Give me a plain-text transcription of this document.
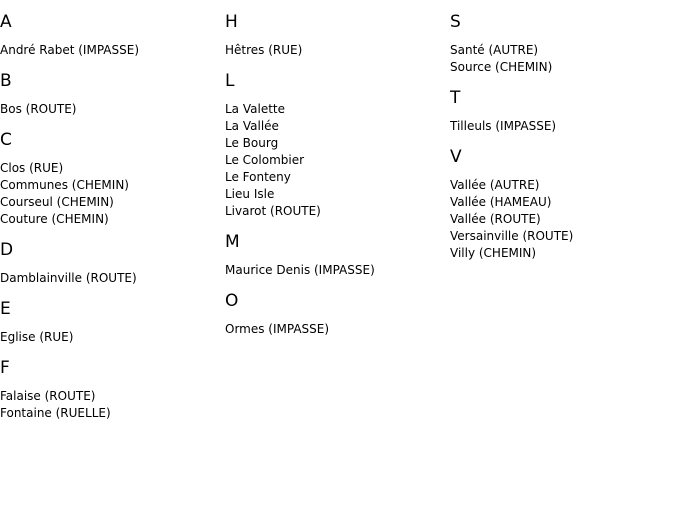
A
André Rabet (IMPASSE)
B
Bos (ROUTE)
C
Clos (RUE)
Communes (CHEMIN)
Courseul (CHEMIN)
Couture (CHEMIN)
D
Damblainville (ROUTE)
E
Eglise (RUE)
F
Falaise (ROUTE)
Fontaine (RUELLE)
H
Hêtres (RUE)
L
La Valette
La Vallée
Le Bourg
Le Colombier
Le Fonteny
Lieu Isle
Livarot (ROUTE)
M
Maurice Denis (IMPASSE)
O
Ormes (IMPASSE)
S
Santé (AUTRE)
Source (CHEMIN)
T
Tilleuls (IMPASSE)
V
Vallée (AUTRE)
Vallée (HAMEAU)
Vallée (ROUTE)
Versainville (ROUTE)
Villy (CHEMIN)
